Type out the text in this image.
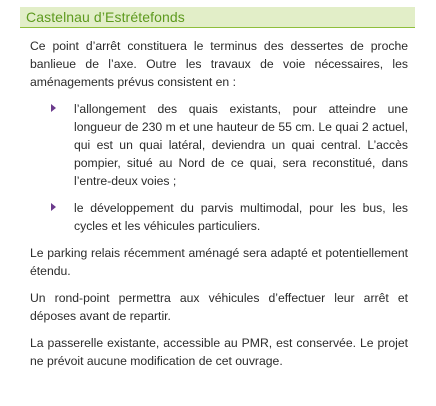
Castelnau d’Estrétefonds

Ce point d’arrêt constituera le terminus des dessertes de proche banlieue de l’axe. Outre les travaux de voie nécessaires, les aménagements prévus consistent en :

l’allongement des quais existants, pour atteindre une longueur de 230 m et une hauteur de 55 cm. Le quai 2 actuel, qui est un quai latéral, deviendra un quai central. L’accès pompier, situé au Nord de ce quai, sera reconstitué, dans l’entre-deux voies ;
le développement du parvis multimodal, pour les bus, les cycles et les véhicules particuliers.

Le parking relais récemment aménagé sera adapté et potentiellement étendu.

Un rond-point permettra aux véhicules d’effectuer leur arrêt et déposes avant de repartir.

La passerelle existante, accessible au PMR, est conservée. Le projet ne prévoit aucune modification de cet ouvrage.
